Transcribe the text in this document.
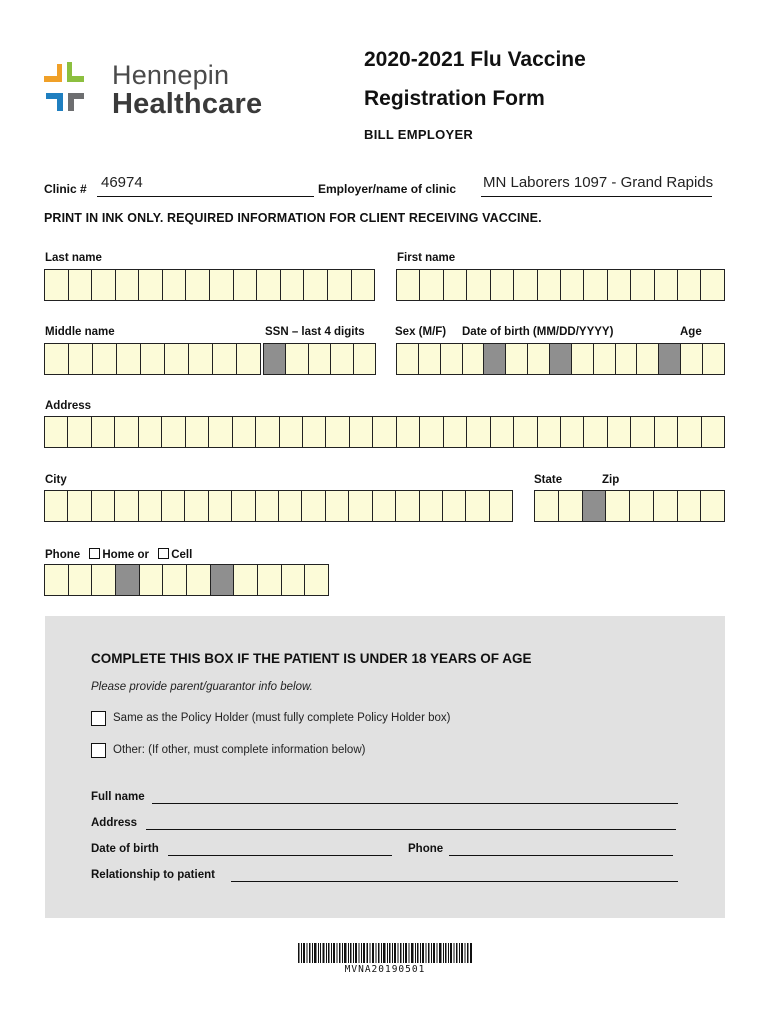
Hennepin
Healthcare
2020-2021 Flu Vaccine
Registration Form
BILL EMPLOYER
Clinic # 46974	Employer/name of clinic MN Laborers 1097 - Grand Rapids
PRINT IN INK ONLY. REQUIRED INFORMATION FOR CLIENT RECEIVING VACCINE.
Last name	First name
Middle name	SSN – last 4 digits	Sex (M/F) Date of birth (MM/DD/YYYY)	Age
Address
City	State	Zip
Phone Home or Cell
COMPLETE THIS BOX IF THE PATIENT IS UNDER 18 YEARS OF AGE
Please provide parent/guarantor info below.
Same as the Policy Holder (must fully complete Policy Holder box)
Other: (If other, must complete information below)
Full name
Address
Date of birth	Phone
Relationship to patient
MVNA20190501
